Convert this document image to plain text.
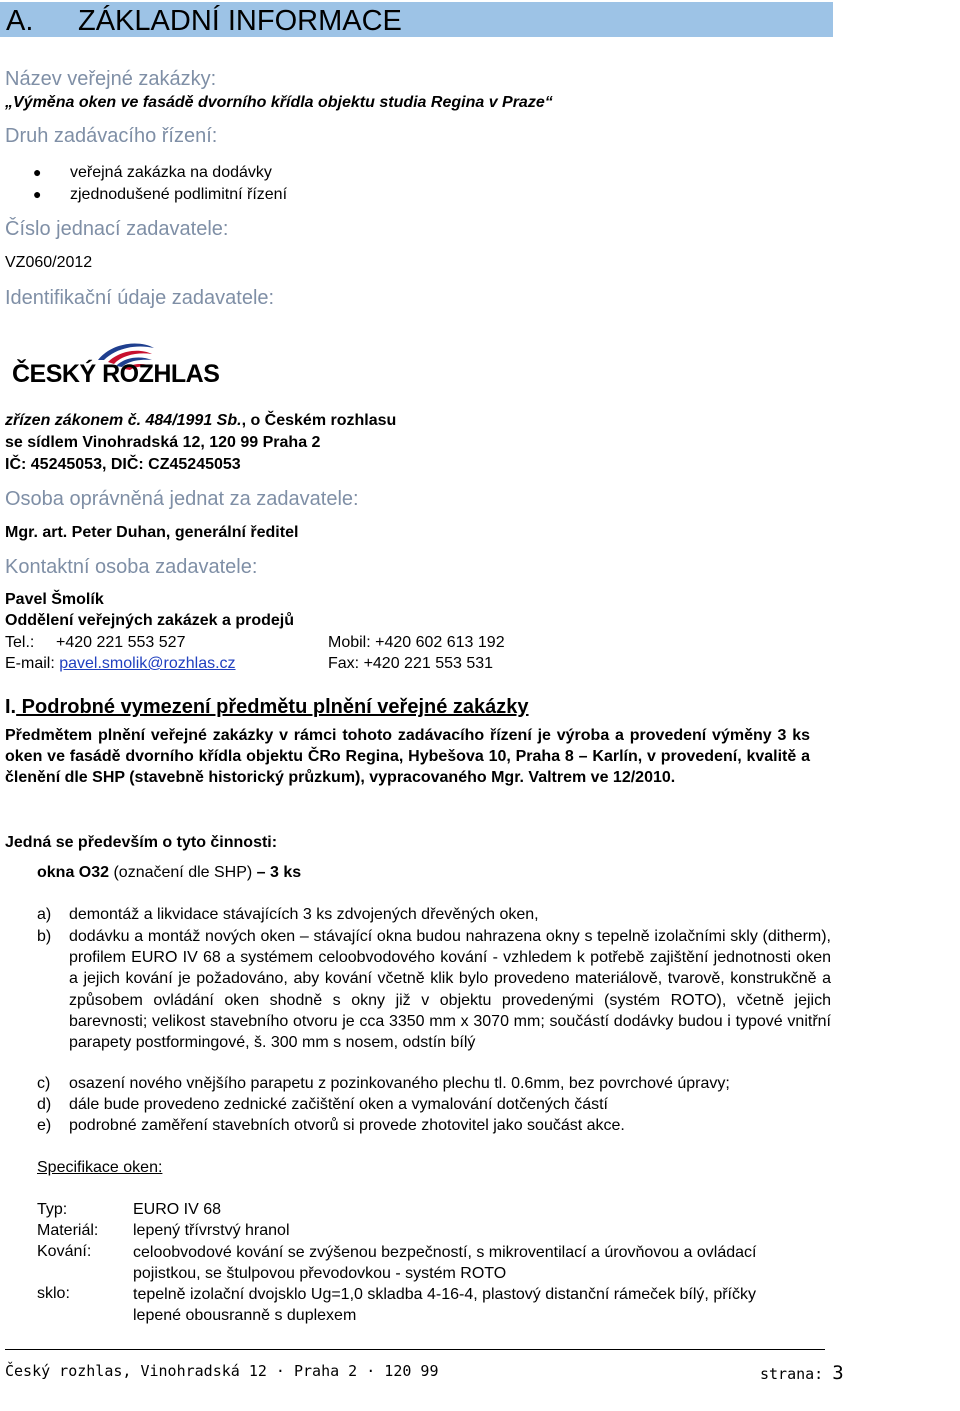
A. ZÁKLADNÍ INFORMACE
Název veřejné zakázky:
„Výměna oken ve fasádě dvorního křídla objektu studia Regina v Praze“
Druh zadávacího řízení:
● veřejná zakázka na dodávky
● zjednodušené podlimitní řízení
Číslo jednací zadavatele:
VZ060/2012
Identifikační údaje zadavatele:
ČESKÝ ROZHLAS
zřízen zákonem č. 484/1991 Sb., o Českém rozhlasu
se sídlem Vinohradská 12, 120 99 Praha 2
IČ: 45245053, DIČ: CZ45245053
Osoba oprávněná jednat za zadavatele:
Mgr. art. Peter Duhan, generální ředitel
Kontaktní osoba zadavatele:
Pavel Šmolík
Oddělení veřejných zakázek a prodejů
Tel.: +420 221 553 527	Mobil: +420 602 613 192
E-mail: pavel.smolik@rozhlas.cz	Fax: +420 221 553 531
I. Podrobné vymezení předmětu plnění veřejné zakázky
Předmětem plnění veřejné zakázky v rámci tohoto zadávacího řízení je výroba a provedení výměny 3 ks oken ve fasádě dvorního křídla objektu ČRo Regina, Hybešova 10, Praha 8 – Karlín, v provedení, kvalitě a členění dle SHP (stavebně historický průzkum), vypracovaného Mgr. Valtrem ve 12/2010.
Jedná se především o tyto činnosti:
okna O32 (označení dle SHP) – 3 ks
a) demontáž a likvidace stávajících 3 ks zdvojených dřevěných oken,
b) dodávku a montáž nových oken – stávající okna budou nahrazena okny s tepelně izolačními skly (ditherm), profilem EURO IV 68 a systémem celoobvodového kování - vzhledem k potřebě zajištění jednotnosti oken a jejich kování je požadováno, aby kování včetně klik bylo provedeno materiálově, tvarově, konstrukčně a způsobem ovládání oken shodně s okny již v objektu provedenými (systém ROTO), včetně jejich barevnosti; velikost stavebního otvoru je cca 3350 mm x 3070 mm; součástí dodávky budou i typové vnitřní parapety postformingové, š. 300 mm s nosem, odstín bílý
c) osazení nového vnějšího parapetu z pozinkovaného plechu tl. 0.6mm, bez povrchové úpravy;
d) dále bude provedeno zednické začištění oken a vymalování dotčených částí
e) podrobné zaměření stavebních otvorů si provede zhotovitel jako součást akce.
Specifikace oken:
Typ:	EURO IV 68
Materiál: lepený třívrstvý hranol
Kování:	celoobvodové kování se zvýšenou bezpečností, s mikroventilací a úrovňovou a ovládací pojistkou, se štulpovou převodovkou - systém ROTO
sklo:	tepelně izolační dvojsklo Ug=1,0 skladba 4-16-4, plastový distanční rámeček bílý, příčky lepené obousranně s duplexem
Český rozhlas, Vinohradská 12 · Praha 2 · 120 99	strana: 3
